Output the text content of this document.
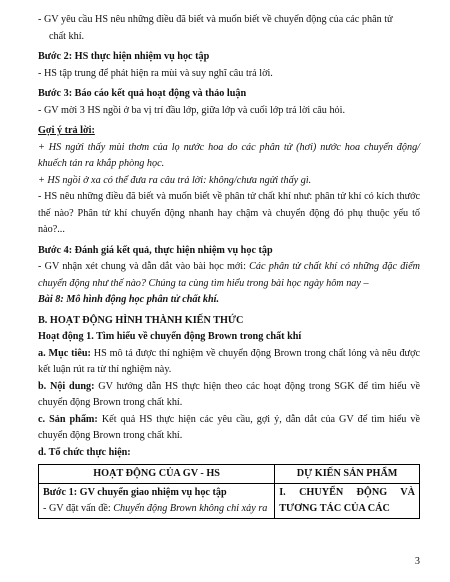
- GV yêu cầu HS nêu những điều đã biết và muốn biết về chuyển động của các phân tử
chất khí.

Bước 2: HS thực hiện nhiệm vụ học tập

- HS tập trung để phát hiện ra mùi và suy nghĩ câu trả lời.

Bước 3: Báo cáo kết quả hoạt động và thảo luận

- GV mời 3 HS ngồi ở ba vị trí đầu lớp, giữa lớp và cuối lớp trả lời câu hỏi.

Gợi ý trả lời:

+ HS ngửi thấy mùi thơm của lọ nước hoa do các phân tử (hơi) nước hoa chuyển động/ khuếch tán ra khắp phòng học.

+ HS ngồi ở xa có thể đưa ra câu trả lời: không/chưa ngửi thấy gì.

- HS nêu những điều đã biết và muốn biết về phân tử chất khí như: phân tử khí có kích thước thế nào? Phân tử khí chuyển động nhanh hay chậm và chuyển động đó phụ thuộc yếu tố nào?...

Bước 4: Đánh giá kết quả, thực hiện nhiệm vụ học tập

- GV nhận xét chung và dẫn dắt vào bài học mới: Các phân tử chất khí có những đặc điểm chuyển động như thế nào? Chúng ta cùng tìm hiểu trong bài học ngày hôm nay –

Bài 8: Mô hình động học phân tử chất khí.

B. HOẠT ĐỘNG HÌNH THÀNH KIẾN THỨC

Hoạt động 1. Tìm hiểu về chuyển động Brown trong chất khí

a. Mục tiêu: HS mô tả được thí nghiệm về chuyển động Brown trong chất lỏng và nêu được kết luận rút ra từ thí nghiệm này.

b. Nội dung: GV hướng dẫn HS thực hiện theo các hoạt động trong SGK để tìm hiểu về chuyển động Brown trong chất khí.

c. Sản phẩm: Kết quả HS thực hiện các yêu cầu, gợi ý, dẫn dắt của GV để tìm hiểu về chuyển động Brown trong chất khí.

d. Tổ chức thực hiện:

HOẠT ĐỘNG CỦA GV - HS	DỰ KIẾN SẢN PHẨM

Bước 1: GV chuyển giao nhiệm vụ học tập
- GV đặt vấn đề: Chuyển động Brown không chỉ xảy ra	I. CHUYỂN ĐỘNG VÀ TƯƠNG TÁC CỦA CÁC
3
